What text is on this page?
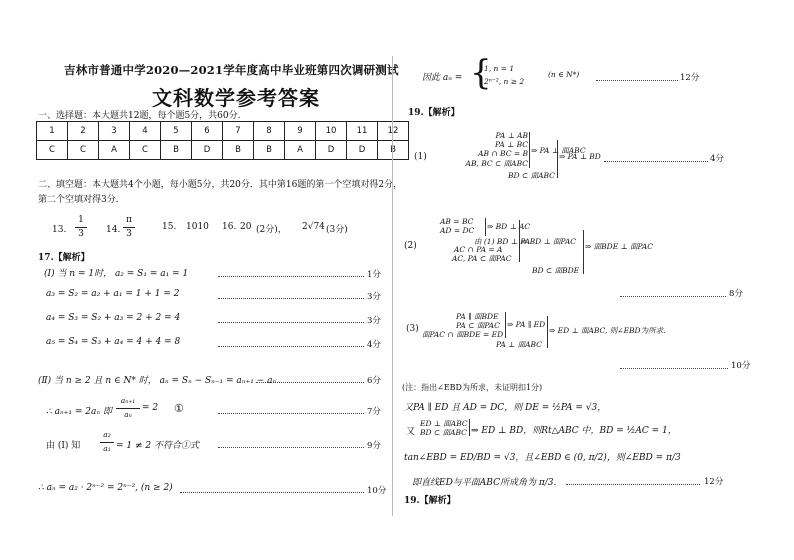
吉林市普通中学2020—2021学年度高中毕业班第四次调研测试
文科数学参考答案
一、选择题：本大题共12题，每个题5分，共60分.
1	2	3	4	5	6	7	8	9	10	11	12
C	C	A	C	B	D	B	B	A	D	D	B
二、填空题：本大题共4个小题，每小题5分，共20分．其中第16题的第一个空填对得2分，
第二个空填对得3分.
13.
1
3 14.
π
3
15. 1010 16. 20 (2分)， 2√74 (3分)
17.【解析】
(Ⅰ) 当 n = 1时， a₂ = S₁ = a₁ = 1	1分
a₃ = S₂ = a₂ + a₁ = 1 + 1 = 2	3分
a₄ = S₃ = S₂ + a₃ = 2 + 2 = 4	3分
a₅ = S₄ = S₃ + a₄ = 4 + 4 = 8	4分
(Ⅱ) 当 n ≥ 2 且 n ∈ N* 时， aₙ = Sₙ − Sₙ₋₁ = aₙ₊₁ − aₙ	6分
∴ aₙ₊₁ = 2aₙ 即
aₙ₊₁
aₙ
= 2 ①	7分
由 (Ⅰ) 知
a₂
a₁ = 1 ≠ 2 不符合①式	9分
∴ aₙ = a₂ · 2ⁿ⁻² = 2ⁿ⁻², (n ≥ 2)	10分
因此 aₙ = {
1, n = 1
2ⁿ⁻², n ≥ 2
(n ∈ N*)	12分
19.【解析】
(1)
PA ⊥ AB
PA ⊥ BC
AB ∩ BC = B
AB, BC ⊂ 面ABC
⇒ PA ⊥ 面ABC
BD ⊂ 面ABC
⇒ PA ⊥ BD	4分
(2)
AB = BC
AD = DC ⇒ BD ⊥ AC
由 (1) BD ⊥ PA
AC ∩ PA = A
AC, PA ⊂ 面PAC
⇒ BD ⊥ 面PAC
BD ⊂ 面BDE
⇒ 面BDE ⊥ 面PAC
8分
(3)
PA ∥ 面BDE
PA ⊂ 面PAC
面PAC ∩ 面BDE = ED
⇒ PA ∥ ED
PA ⊥ 面ABC
⇒ ED ⊥ 面ABC, 则∠EBD为所求.
10分
(注：指出∠EBD为所求，未证明扣1分)
又PA ∥ ED 且 AD = DC，则 DE = ½PA = √3，
又
ED ⊥ 面ABC
BD ⊂ 面ABC ⇒ ED ⊥ BD，则Rt△ABC 中，BD = ½AC = 1，
tan∠EBD = ED/BD = √3，且∠EBD ∈ (0, π/2)，则∠EBD = π/3
即直线ED与平面ABC所成角为 π/3.	12分
19.【解析】
